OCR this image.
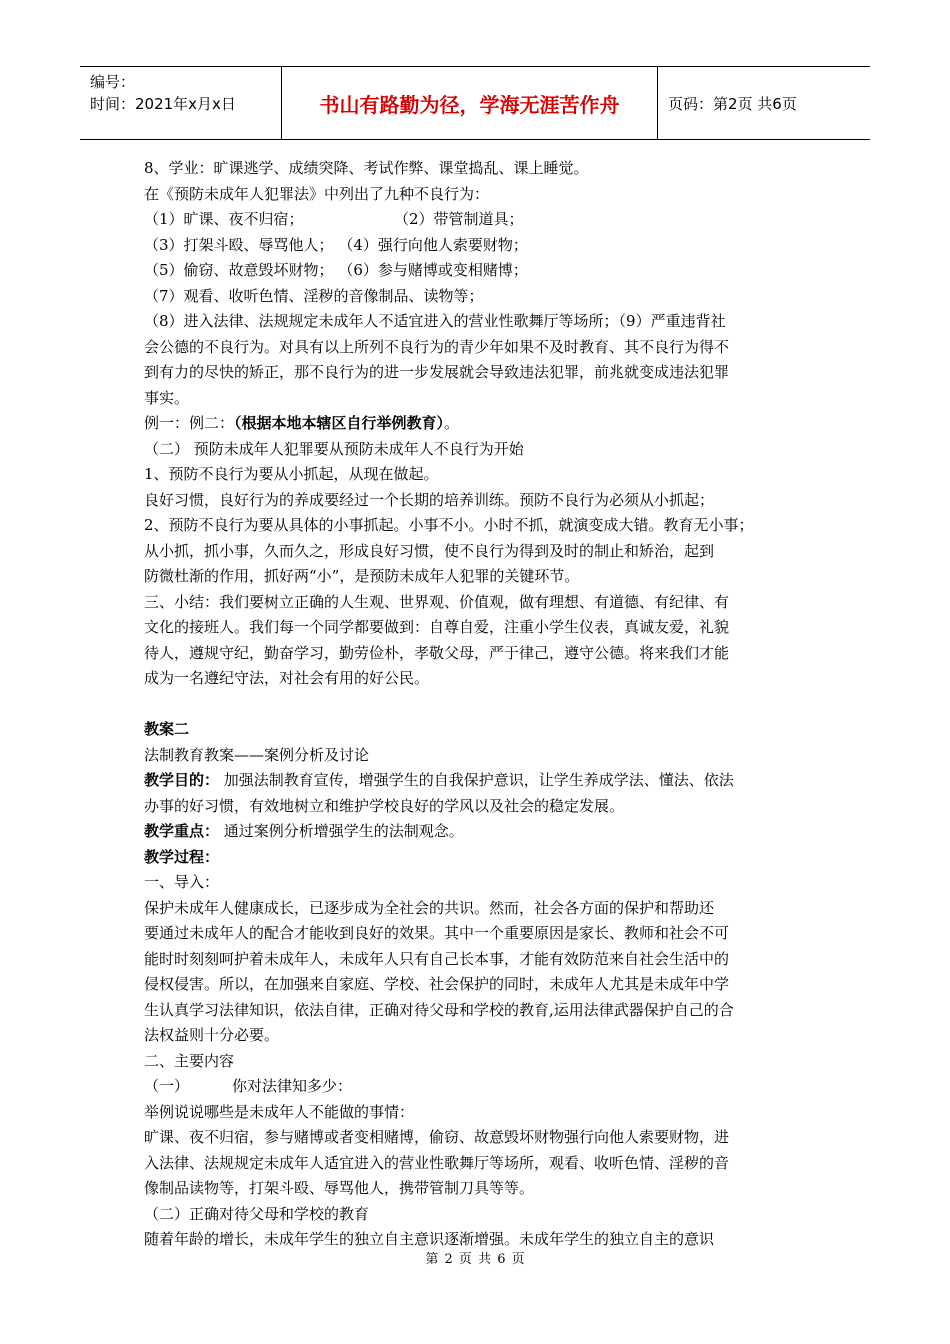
编号：
时间：2021年x月x日	书山有路勤为径，学海无涯苦作舟	页码：第2页 共6页
8、学业：旷课逃学、成绩突降、考试作弊、课堂捣乱、课上睡觉。
在《预防未成年人犯罪法》中列出了九种不良行为：
（1）旷课、夜不归宿；	（2）带管制道具；
（3）打架斗殴、辱骂他人； （4）强行向他人索要财物；
（5）偷窃、故意毁坏财物； （6）参与赌博或变相赌博；
（7）观看、收听色情、淫秽的音像制品、读物等；
（8）进入法律、法规规定未成年人不适宜进入的营业性歌舞厅等场所；（9）严重违背社
会公德的不良行为。对具有以上所列不良行为的青少年如果不及时教育、其不良行为得不
到有力的尽快的矫正，那不良行为的进一步发展就会导致违法犯罪，前兆就变成违法犯罪
事实。
例一：例二：（根据本地本辖区自行举例教育）。
（二） 预防未成年人犯罪要从预防未成年人不良行为开始
1、预防不良行为要从小抓起，从现在做起。
良好习惯，良好行为的养成要经过一个长期的培养训练。预防不良行为必须从小抓起；
2、预防不良行为要从具体的小事抓起。小事不小。小时不抓，就演变成大错。教育无小事；
从小抓，抓小事，久而久之，形成良好习惯，使不良行为得到及时的制止和矫治，起到
防微杜渐的作用，抓好两“小”，是预防未成年人犯罪的关键环节。
三、小结：我们要树立正确的人生观、世界观、价值观，做有理想、有道德、有纪律、有
文化的接班人。我们每一个同学都要做到：自尊自爱，注重小学生仪表，真诚友爱，礼貌
待人，遵规守纪，勤奋学习，勤劳俭朴，孝敬父母，严于律己，遵守公德。将来我们才能
成为一名遵纪守法，对社会有用的好公民。
教案二
法制教育教案——案例分析及讨论
教学目的： 加强法制教育宣传，增强学生的自我保护意识，让学生养成学法、懂法、依法
办事的好习惯，有效地树立和维护学校良好的学风以及社会的稳定发展。
教学重点： 通过案例分析增强学生的法制观念。
教学过程：
一、导入：
保护未成年人健康成长，已逐步成为全社会的共识。然而，社会各方面的保护和帮助还
要通过未成年人的配合才能收到良好的效果。其中一个重要原因是家长、教师和社会不可
能时时刻刻呵护着未成年人，未成年人只有自己长本事，才能有效防范来自社会生活中的
侵权侵害。所以，在加强来自家庭、学校、社会保护的同时，未成年人尤其是未成年中学
生认真学习法律知识，依法自律，正确对待父母和学校的教育,运用法律武器保护自己的合
法权益则十分必要。
二、主要内容
（一）	你对法律知多少：
举例说说哪些是未成年人不能做的事情：
旷课、夜不归宿，参与赌博或者变相赌博，偷窃、故意毁坏财物强行向他人索要财物，进
入法律、法规规定未成年人适宜进入的营业性歌舞厅等场所，观看、收听色情、淫秽的音
像制品读物等，打架斗殴、辱骂他人，携带管制刀具等等。
（二）正确对待父母和学校的教育
随着年龄的增长，未成年学生的独立自主意识逐渐增强。未成年学生的独立自主的意识
第 2 页 共 6 页
